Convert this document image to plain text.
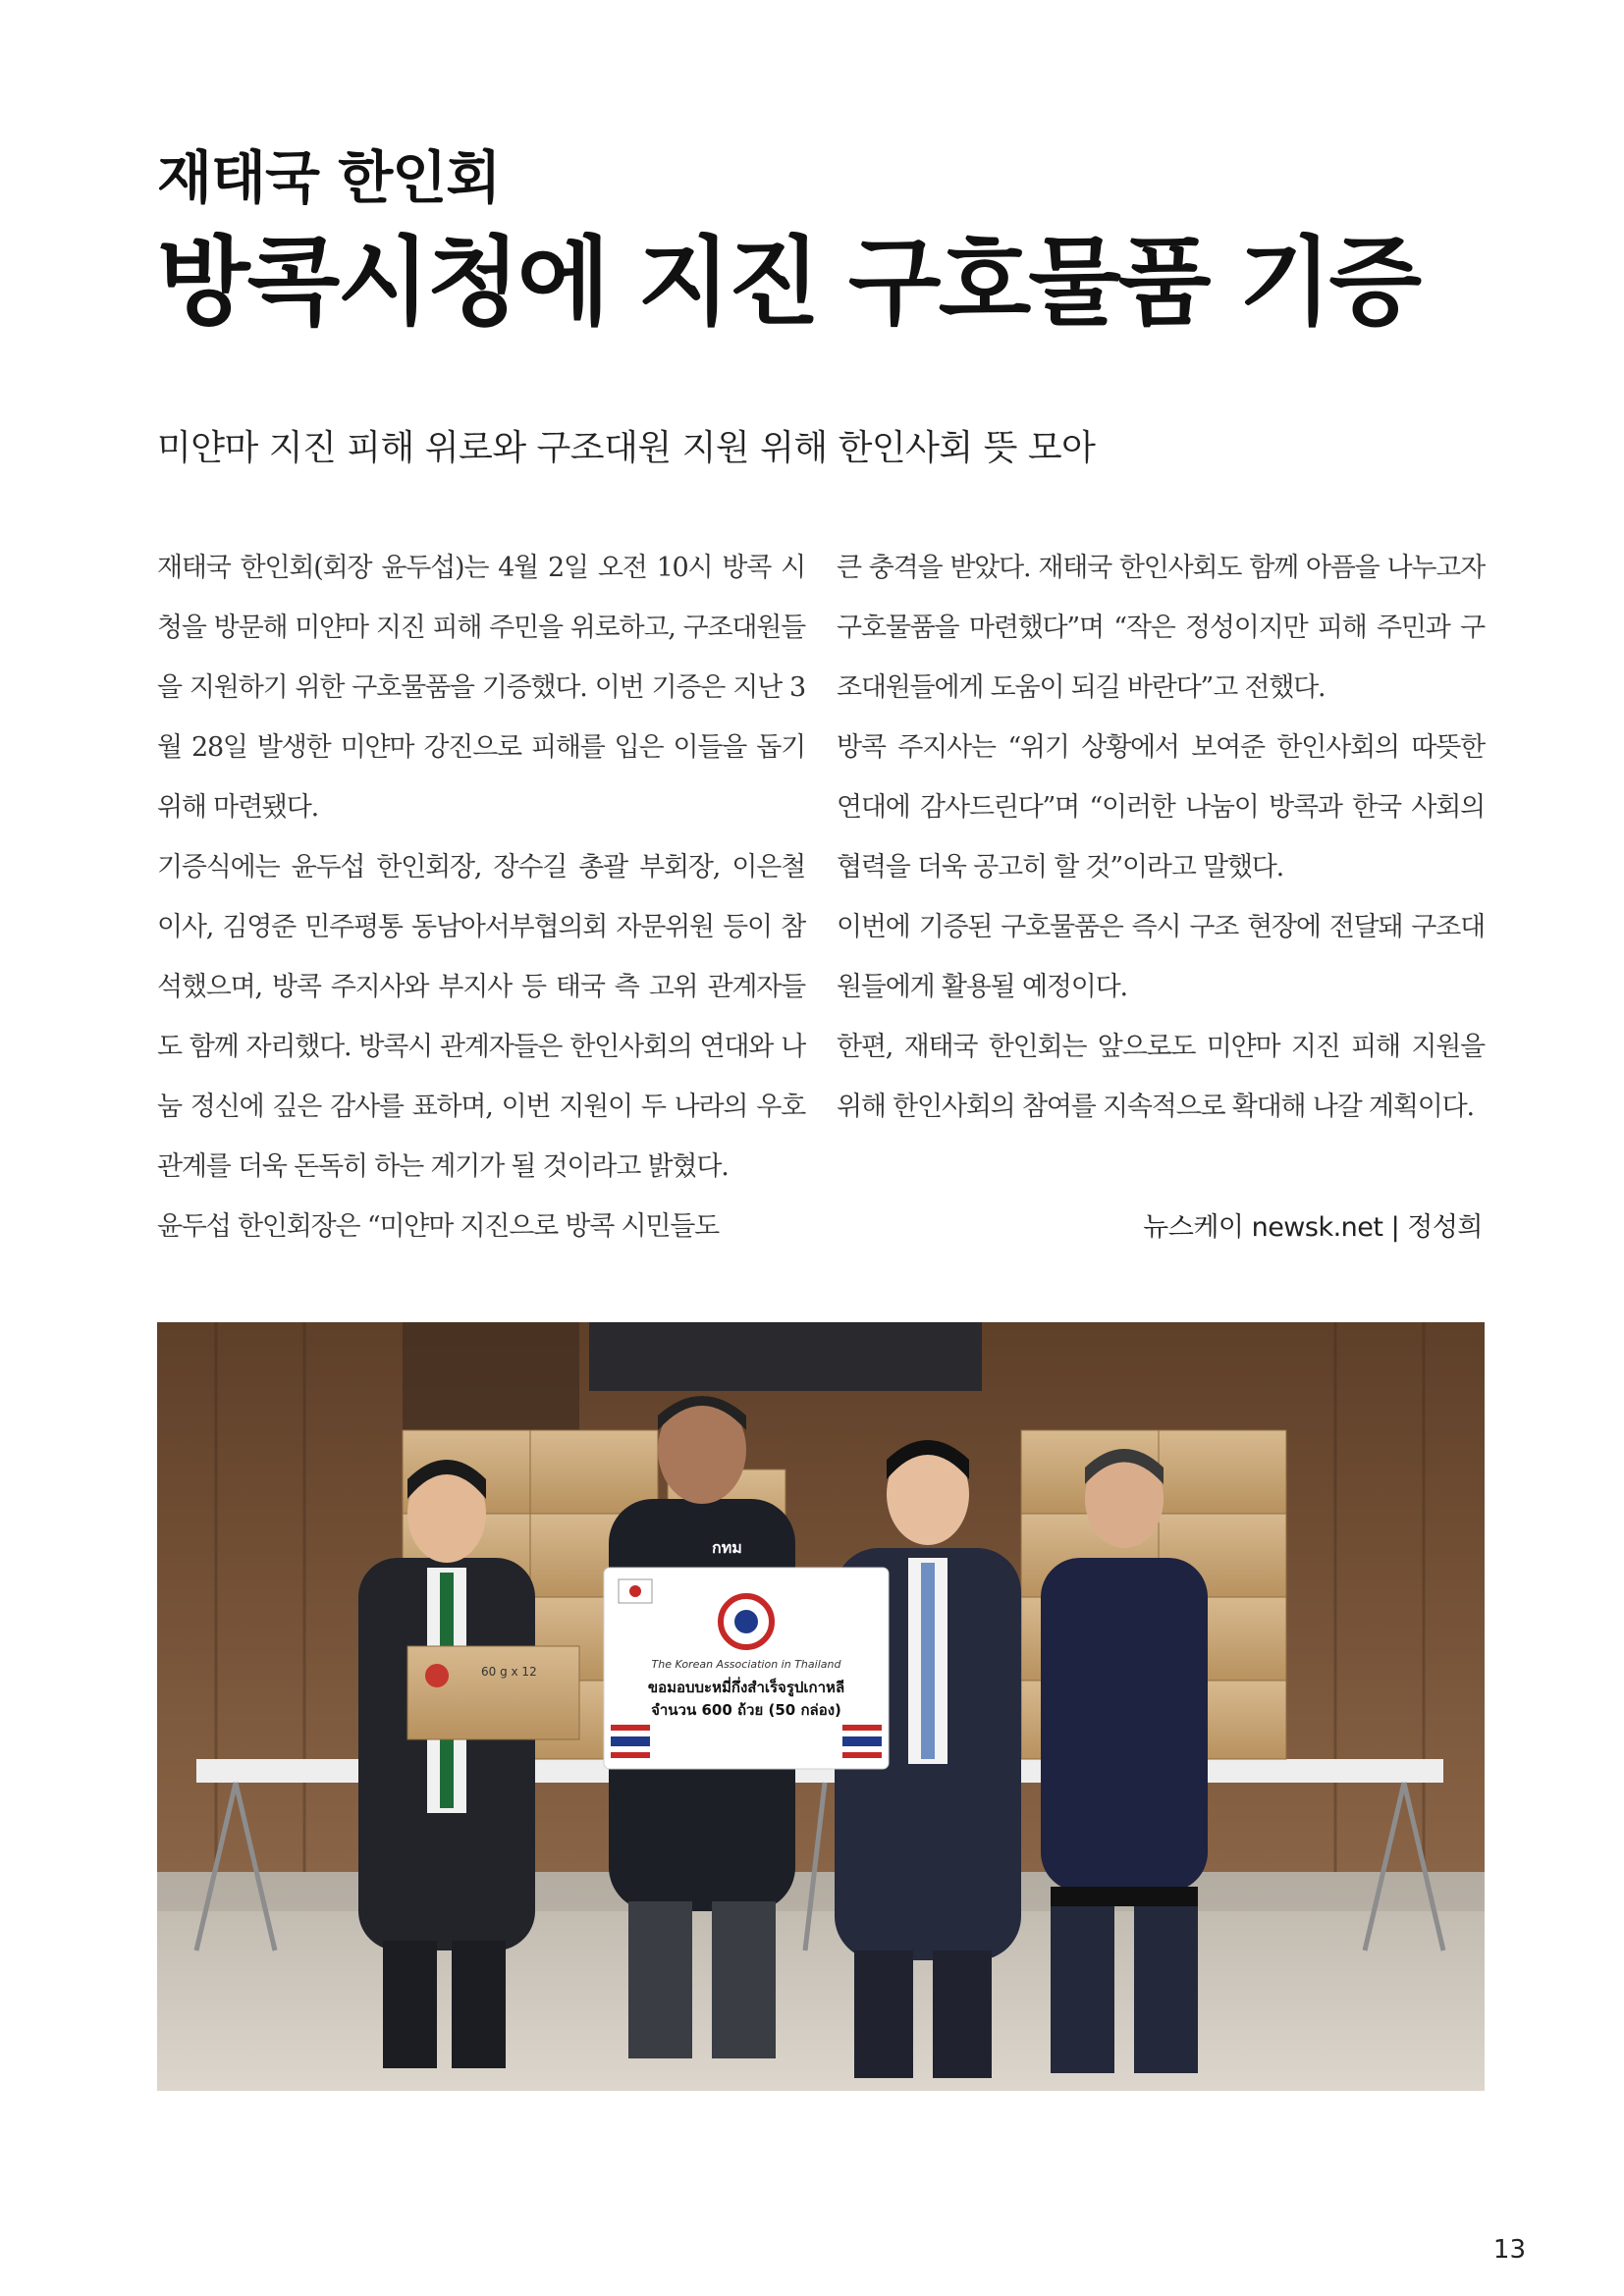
재태국 한인회
방콕시청에 지진 구호물품 기증
미얀마 지진 피해 위로와 구조대원 지원 위해 한인사회 뜻 모아

재태국 한인회(회장 윤두섭)는 4월 2일 오전 10시 방콕 시청을 방문해 미얀마 지진 피해 주민을 위로하고, 구조대원들을 지원하기 위한 구호물품을 기증했다. 이번 기증은 지난 3월 28일 발생한 미얀마 강진으로 피해를 입은 이들을 돕기 위해 마련됐다.

기증식에는 윤두섭 한인회장, 장수길 총괄 부회장, 이은철 이사, 김영준 민주평통 동남아서부협의회 자문위원 등이 참석했으며, 방콕 주지사와 부지사 등 태국 측 고위 관계자들도 함께 자리했다. 방콕시 관계자들은 한인사회의 연대와 나눔 정신에 깊은 감사를 표하며, 이번 지원이 두 나라의 우호 관계를 더욱 돈독히 하는 계기가 될 것이라고 밝혔다.

윤두섭 한인회장은 “미얀마 지진으로 방콕 시민들도

큰 충격을 받았다. 재태국 한인사회도 함께 아픔을 나누고자 구호물품을 마련했다”며 “작은 정성이지만 피해 주민과 구조대원들에게 도움이 되길 바란다”고 전했다.

방콕 주지사는 “위기 상황에서 보여준 한인사회의 따뜻한 연대에 감사드린다”며 “이러한 나눔이 방콕과 한국 사회의 협력을 더욱 공고히 할 것”이라고 말했다.

이번에 기증된 구호물품은 즉시 구조 현장에 전달돼 구조대원들에게 활용될 예정이다.

한편, 재태국 한인회는 앞으로도 미얀마 지진 피해 지원을 위해 한인사회의 참여를 지속적으로 확대해 나갈 계획이다.

뉴스케이 newsk.net | 정성희
60 g x 12
กทม
The Korean Association in Thailand
ขอมอบบะหมี่กึ่งสำเร็จรูปเกาหลี
จำนวน 600 ถ้วย (50 กล่อง)
13
